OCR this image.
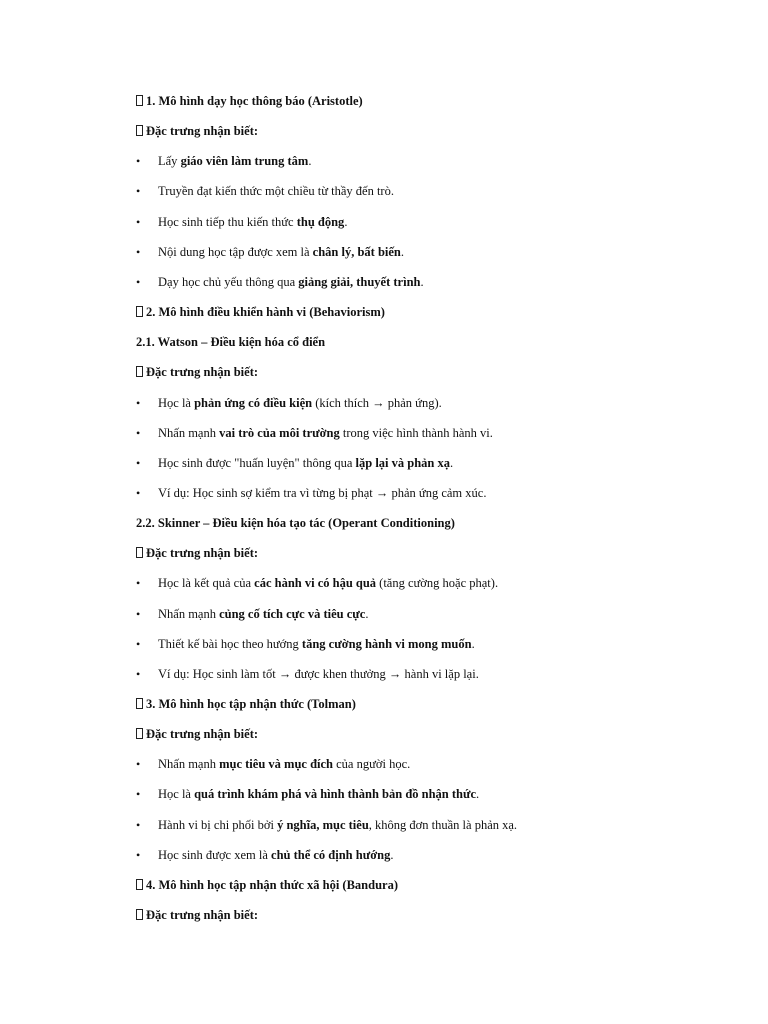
1. Mô hình dạy học thông báo (Aristotle)
Đặc trưng nhận biết:
• Lấy giáo viên làm trung tâm.
• Truyền đạt kiến thức một chiều từ thầy đến trò.
• Học sinh tiếp thu kiến thức thụ động.
• Nội dung học tập được xem là chân lý, bất biến.
• Dạy học chủ yếu thông qua giảng giải, thuyết trình.
2. Mô hình điều khiển hành vi (Behaviorism)
2.1. Watson – Điều kiện hóa cổ điển
Đặc trưng nhận biết:
• Học là phản ứng có điều kiện (kích thích → phản ứng).
• Nhấn mạnh vai trò của môi trường trong việc hình thành hành vi.
• Học sinh được "huấn luyện" thông qua lặp lại và phản xạ.
• Ví dụ: Học sinh sợ kiểm tra vì từng bị phạt → phản ứng cảm xúc.
2.2. Skinner – Điều kiện hóa tạo tác (Operant Conditioning)
Đặc trưng nhận biết:
• Học là kết quả của các hành vi có hậu quả (tăng cường hoặc phạt).
• Nhấn mạnh củng cố tích cực và tiêu cực.
• Thiết kế bài học theo hướng tăng cường hành vi mong muốn.
• Ví dụ: Học sinh làm tốt → được khen thưởng → hành vi lặp lại.
3. Mô hình học tập nhận thức (Tolman)
Đặc trưng nhận biết:
• Nhấn mạnh mục tiêu và mục đích của người học.
• Học là quá trình khám phá và hình thành bản đồ nhận thức.
• Hành vi bị chi phối bởi ý nghĩa, mục tiêu, không đơn thuần là phản xạ.
• Học sinh được xem là chủ thể có định hướng.
4. Mô hình học tập nhận thức xã hội (Bandura)
Đặc trưng nhận biết:
